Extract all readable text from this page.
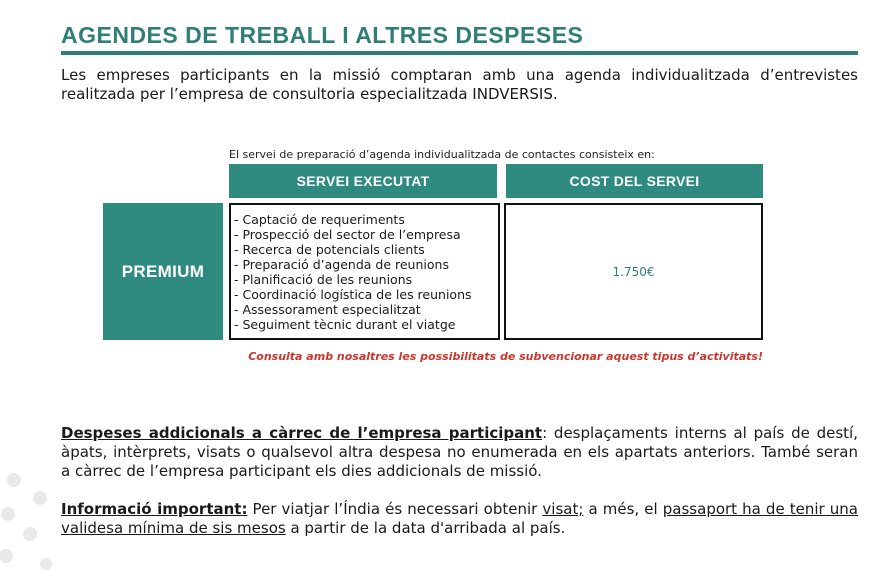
AGENDES DE TREBALL I ALTRES DESPESES
Les empreses participants en la missió comptaran amb una agenda individualitzada d’entrevistes realitzada per l’empresa de consultoria especialitzada INDVERSIS.
El servei de preparació d’agenda individualitzada de contactes consisteix en:
SERVEI EXECUTAT	COST DEL SERVEI
PREMIUM
- Captació de requeriments
- Prospecció del sector de l’empresa
- Recerca de potencials clients
- Preparació d’agenda de reunions
- Planificació de les reunions
- Coordinació logística de les reunions
- Assessorament especialitzat
- Seguiment tècnic durant el viatge
1.750€
Consulta amb nosaltres les possibilitats de subvencionar aquest tipus d’activitats!
Despeses addicionals a càrrec de l’empresa participant: desplaçaments interns al país de destí, àpats, intèrprets, visats o qualsevol altra despesa no enumerada en els apartats anteriors. També seran a càrrec de l’empresa participant els dies addicionals de missió.
Informació important: Per viatjar l’Índia és necessari obtenir visat; a més, el passaport ha de tenir una validesa mínima de sis mesos a partir de la data d'arribada al país.
